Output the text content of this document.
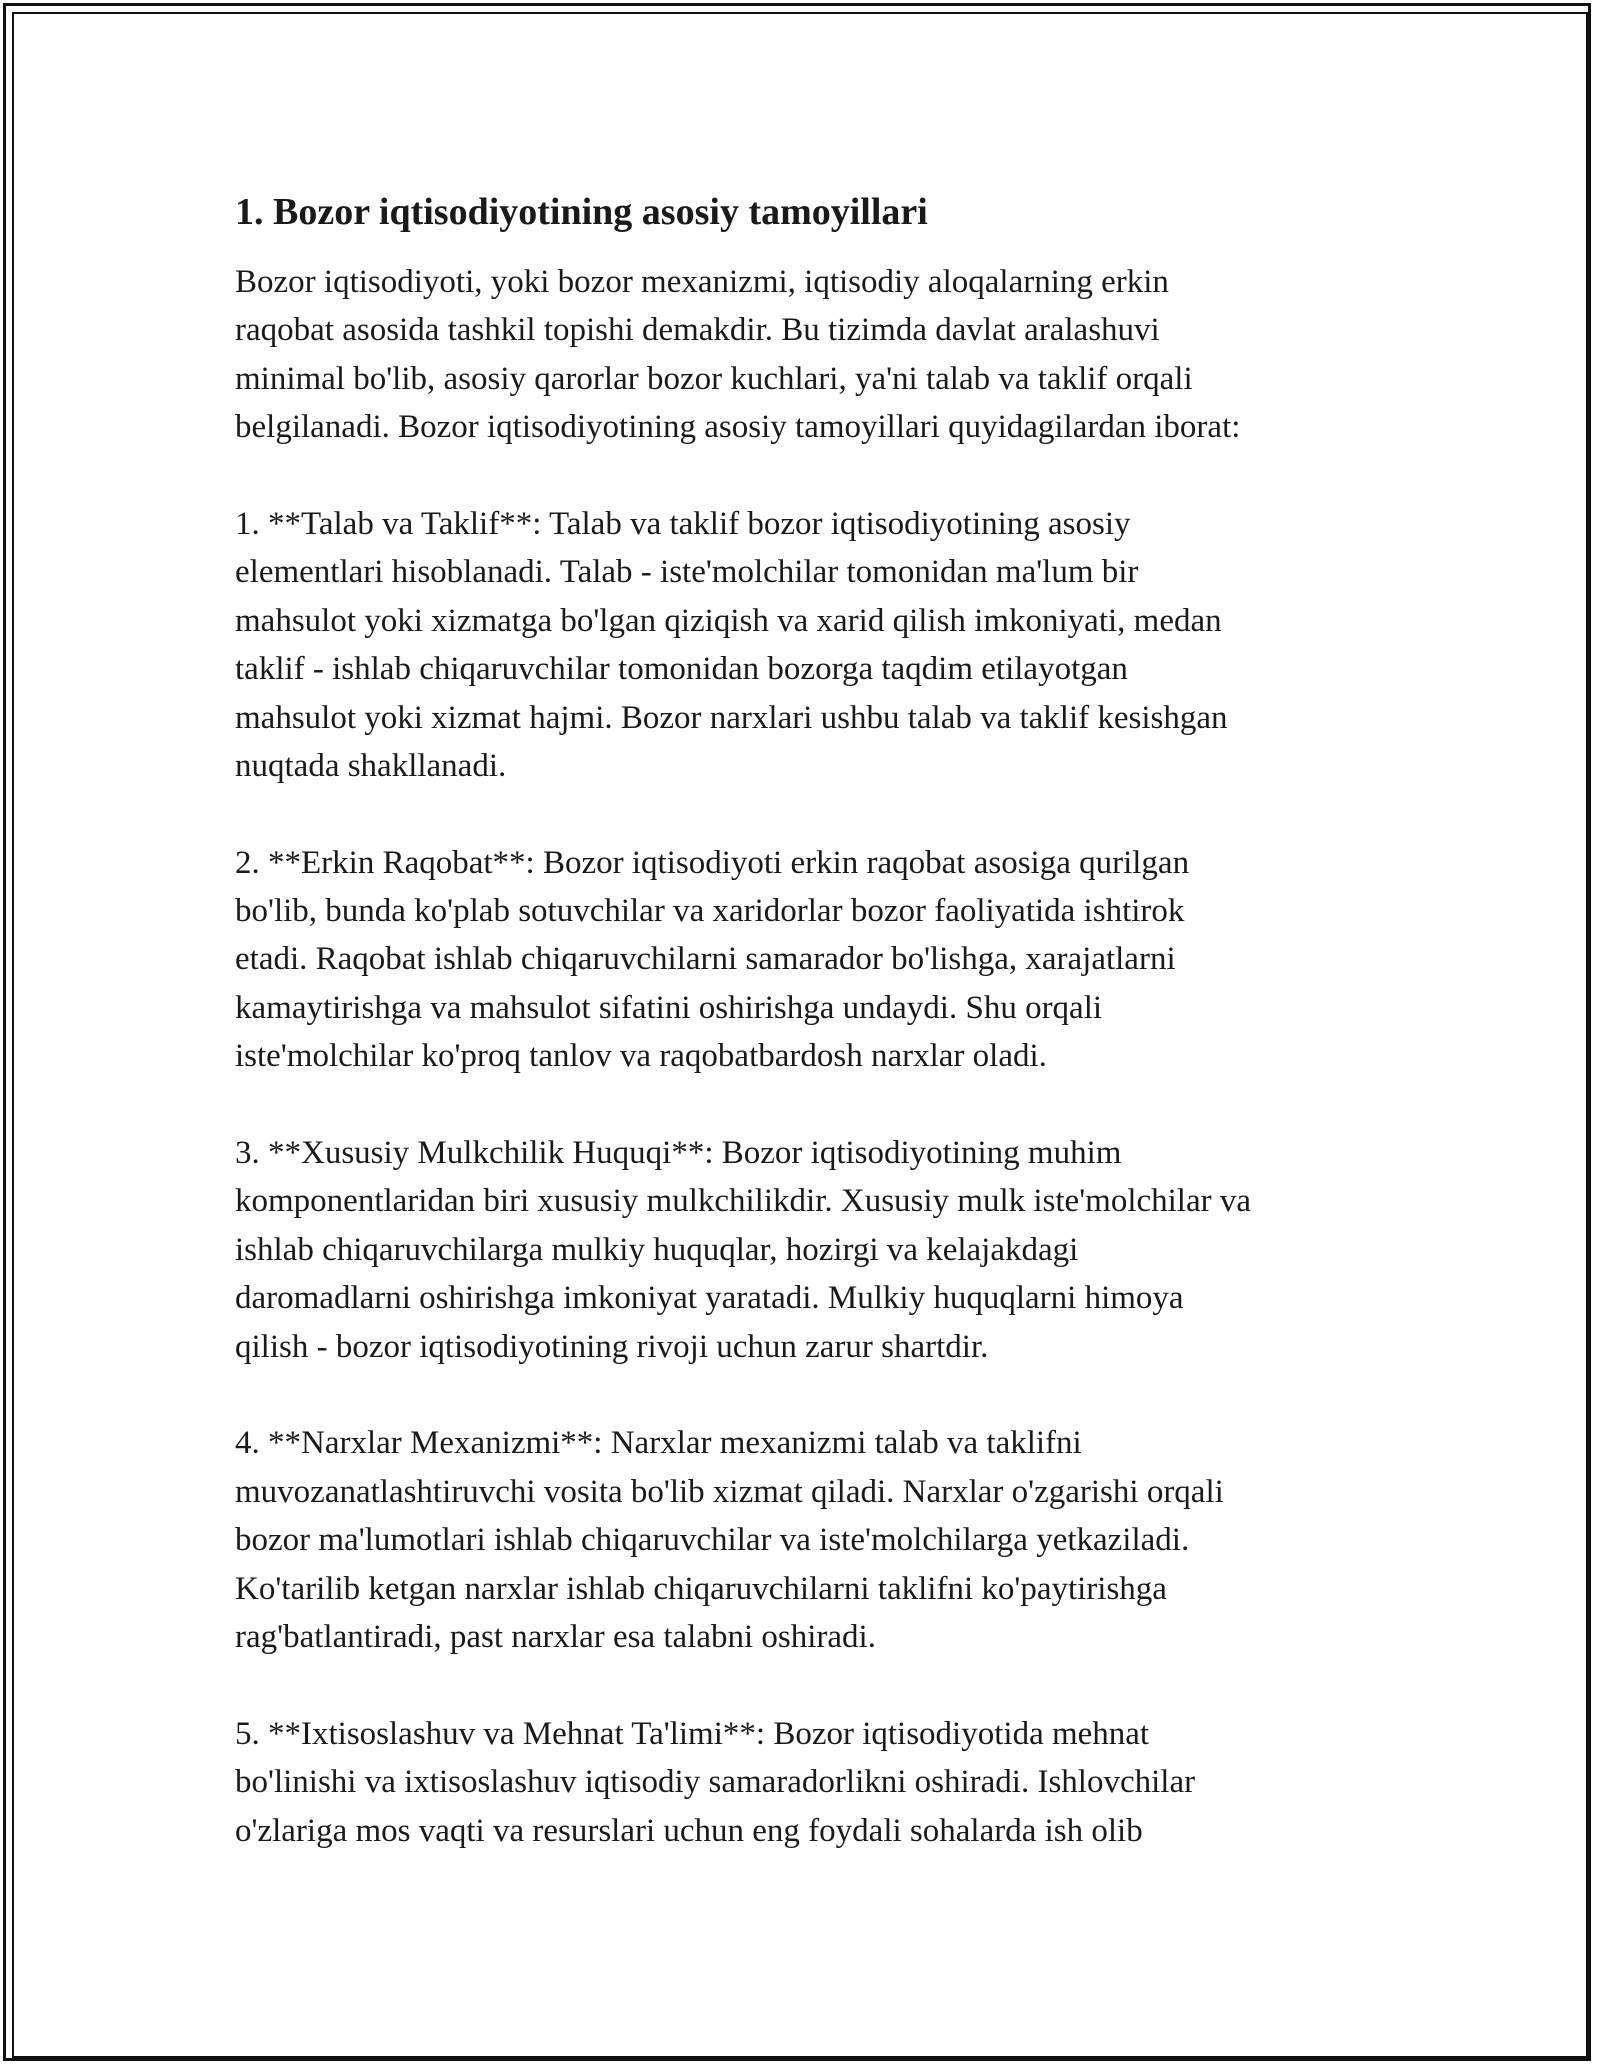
1. Bozor iqtisodiyotining asosiy tamoyillari
Bozor iqtisodiyoti, yoki bozor mexanizmi, iqtisodiy aloqalarning erkin
raqobat asosida tashkil topishi demakdir. Bu tizimda davlat aralashuvi
minimal bo'lib, asosiy qarorlar bozor kuchlari, ya'ni talab va taklif orqali
belgilanadi. Bozor iqtisodiyotining asosiy tamoyillari quyidagilardan iborat:
1. **Talab va Taklif**: Talab va taklif bozor iqtisodiyotining asosiy
elementlari hisoblanadi. Talab - iste'molchilar tomonidan ma'lum bir
mahsulot yoki xizmatga bo'lgan qiziqish va xarid qilish imkoniyati, medan
taklif - ishlab chiqaruvchilar tomonidan bozorga taqdim etilayotgan
mahsulot yoki xizmat hajmi. Bozor narxlari ushbu talab va taklif kesishgan
nuqtada shakllanadi.
2. **Erkin Raqobat**: Bozor iqtisodiyoti erkin raqobat asosiga qurilgan
bo'lib, bunda ko'plab sotuvchilar va xaridorlar bozor faoliyatida ishtirok
etadi. Raqobat ishlab chiqaruvchilarni samarador bo'lishga, xarajatlarni
kamaytirishga va mahsulot sifatini oshirishga undaydi. Shu orqali
iste'molchilar ko'proq tanlov va raqobatbardosh narxlar oladi.
3. **Xususiy Mulkchilik Huquqi**: Bozor iqtisodiyotining muhim
komponentlaridan biri xususiy mulkchilikdir. Xususiy mulk iste'molchilar va
ishlab chiqaruvchilarga mulkiy huquqlar, hozirgi va kelajakdagi
daromadlarni oshirishga imkoniyat yaratadi. Mulkiy huquqlarni himoya
qilish - bozor iqtisodiyotining rivoji uchun zarur shartdir.
4. **Narxlar Mexanizmi**: Narxlar mexanizmi talab va taklifni
muvozanatlashtiruvchi vosita bo'lib xizmat qiladi. Narxlar o'zgarishi orqali
bozor ma'lumotlari ishlab chiqaruvchilar va iste'molchilarga yetkaziladi.
Ko'tarilib ketgan narxlar ishlab chiqaruvchilarni taklifni ko'paytirishga
rag'batlantiradi, past narxlar esa talabni oshiradi.
5. **Ixtisoslashuv va Mehnat Ta'limi**: Bozor iqtisodiyotida mehnat
bo'linishi va ixtisoslashuv iqtisodiy samaradorlikni oshiradi. Ishlovchilar
o'zlariga mos vaqti va resurslari uchun eng foydali sohalarda ish olib
